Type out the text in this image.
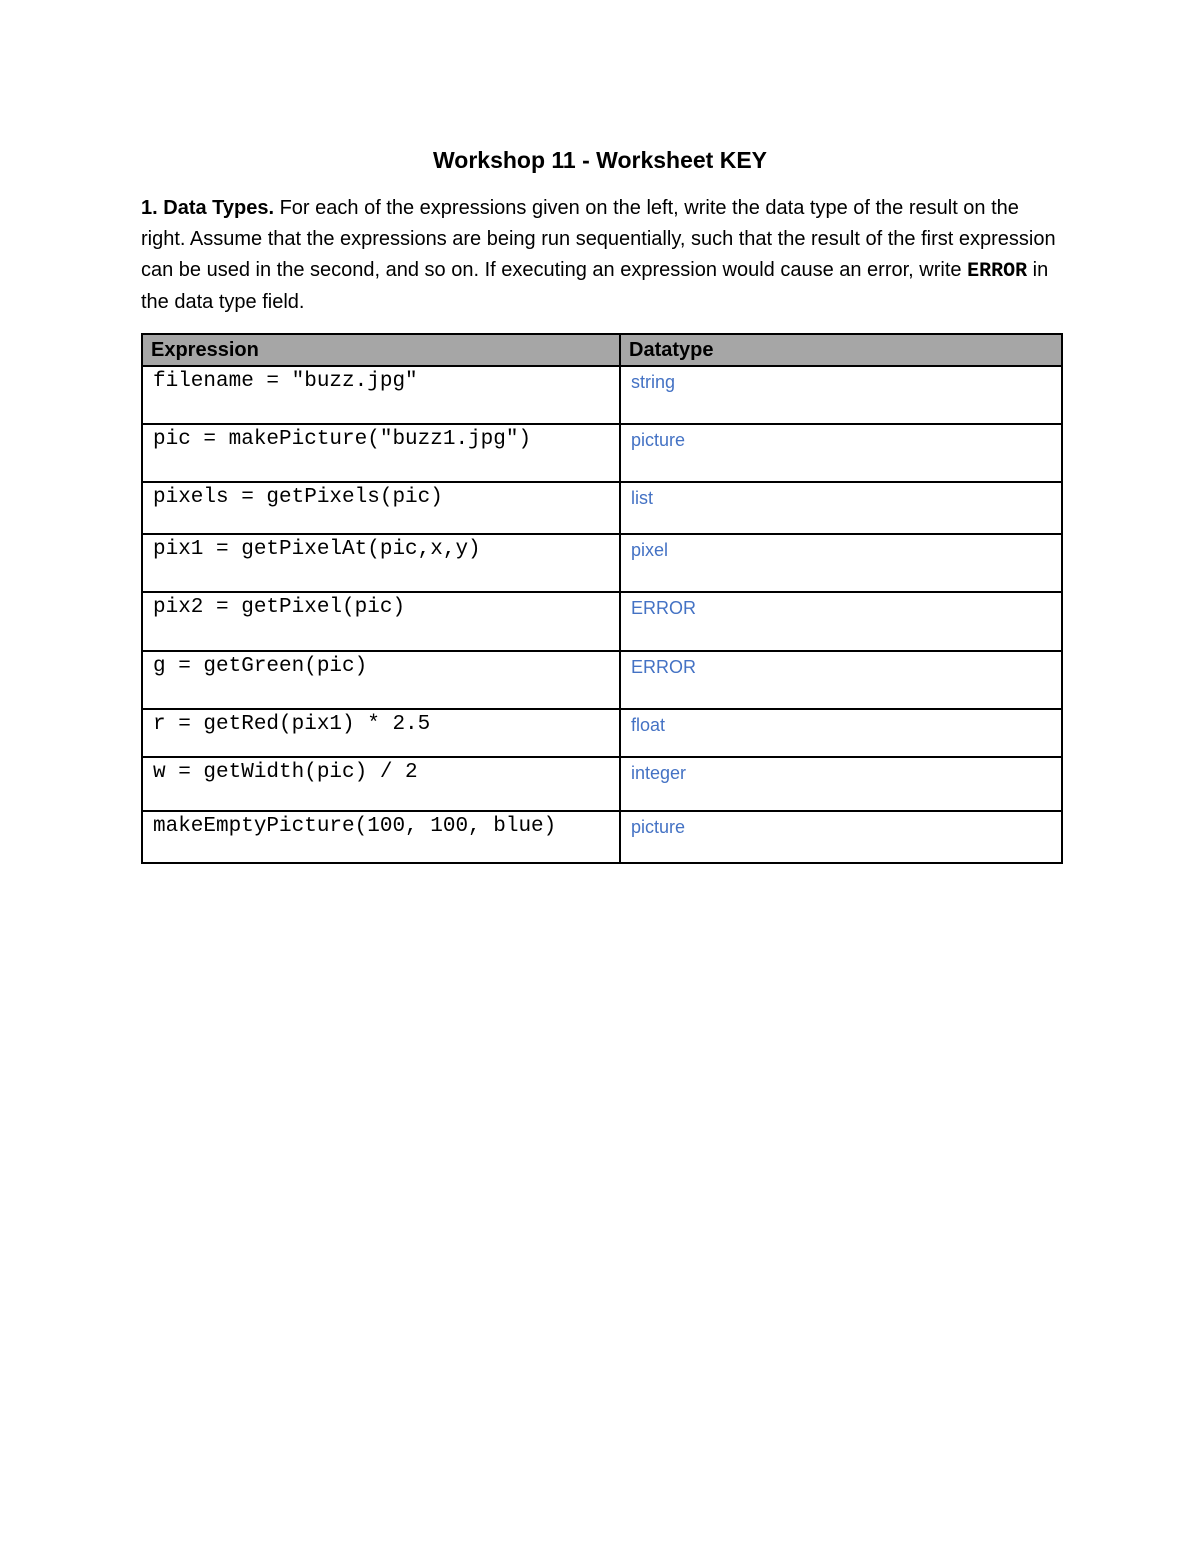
Workshop 11 - Worksheet KEY
1. Data Types. For each of the expressions given on the left, write the data type of the result on the right. Assume that the expressions are being run sequentially, such that the result of the first expression can be used in the second, and so on. If executing an expression would cause an error, write ERROR in the data type field.
Expression	Datatype
filename = "buzz.jpg"	string
pic = makePicture("buzz1.jpg")	picture
pixels = getPixels(pic)	list
pix1 = getPixelAt(pic,x,y)	pixel
pix2 = getPixel(pic)	ERROR
g = getGreen(pic)	ERROR
r = getRed(pix1) * 2.5	float
w = getWidth(pic) / 2	integer
makeEmptyPicture(100, 100, blue)	picture
